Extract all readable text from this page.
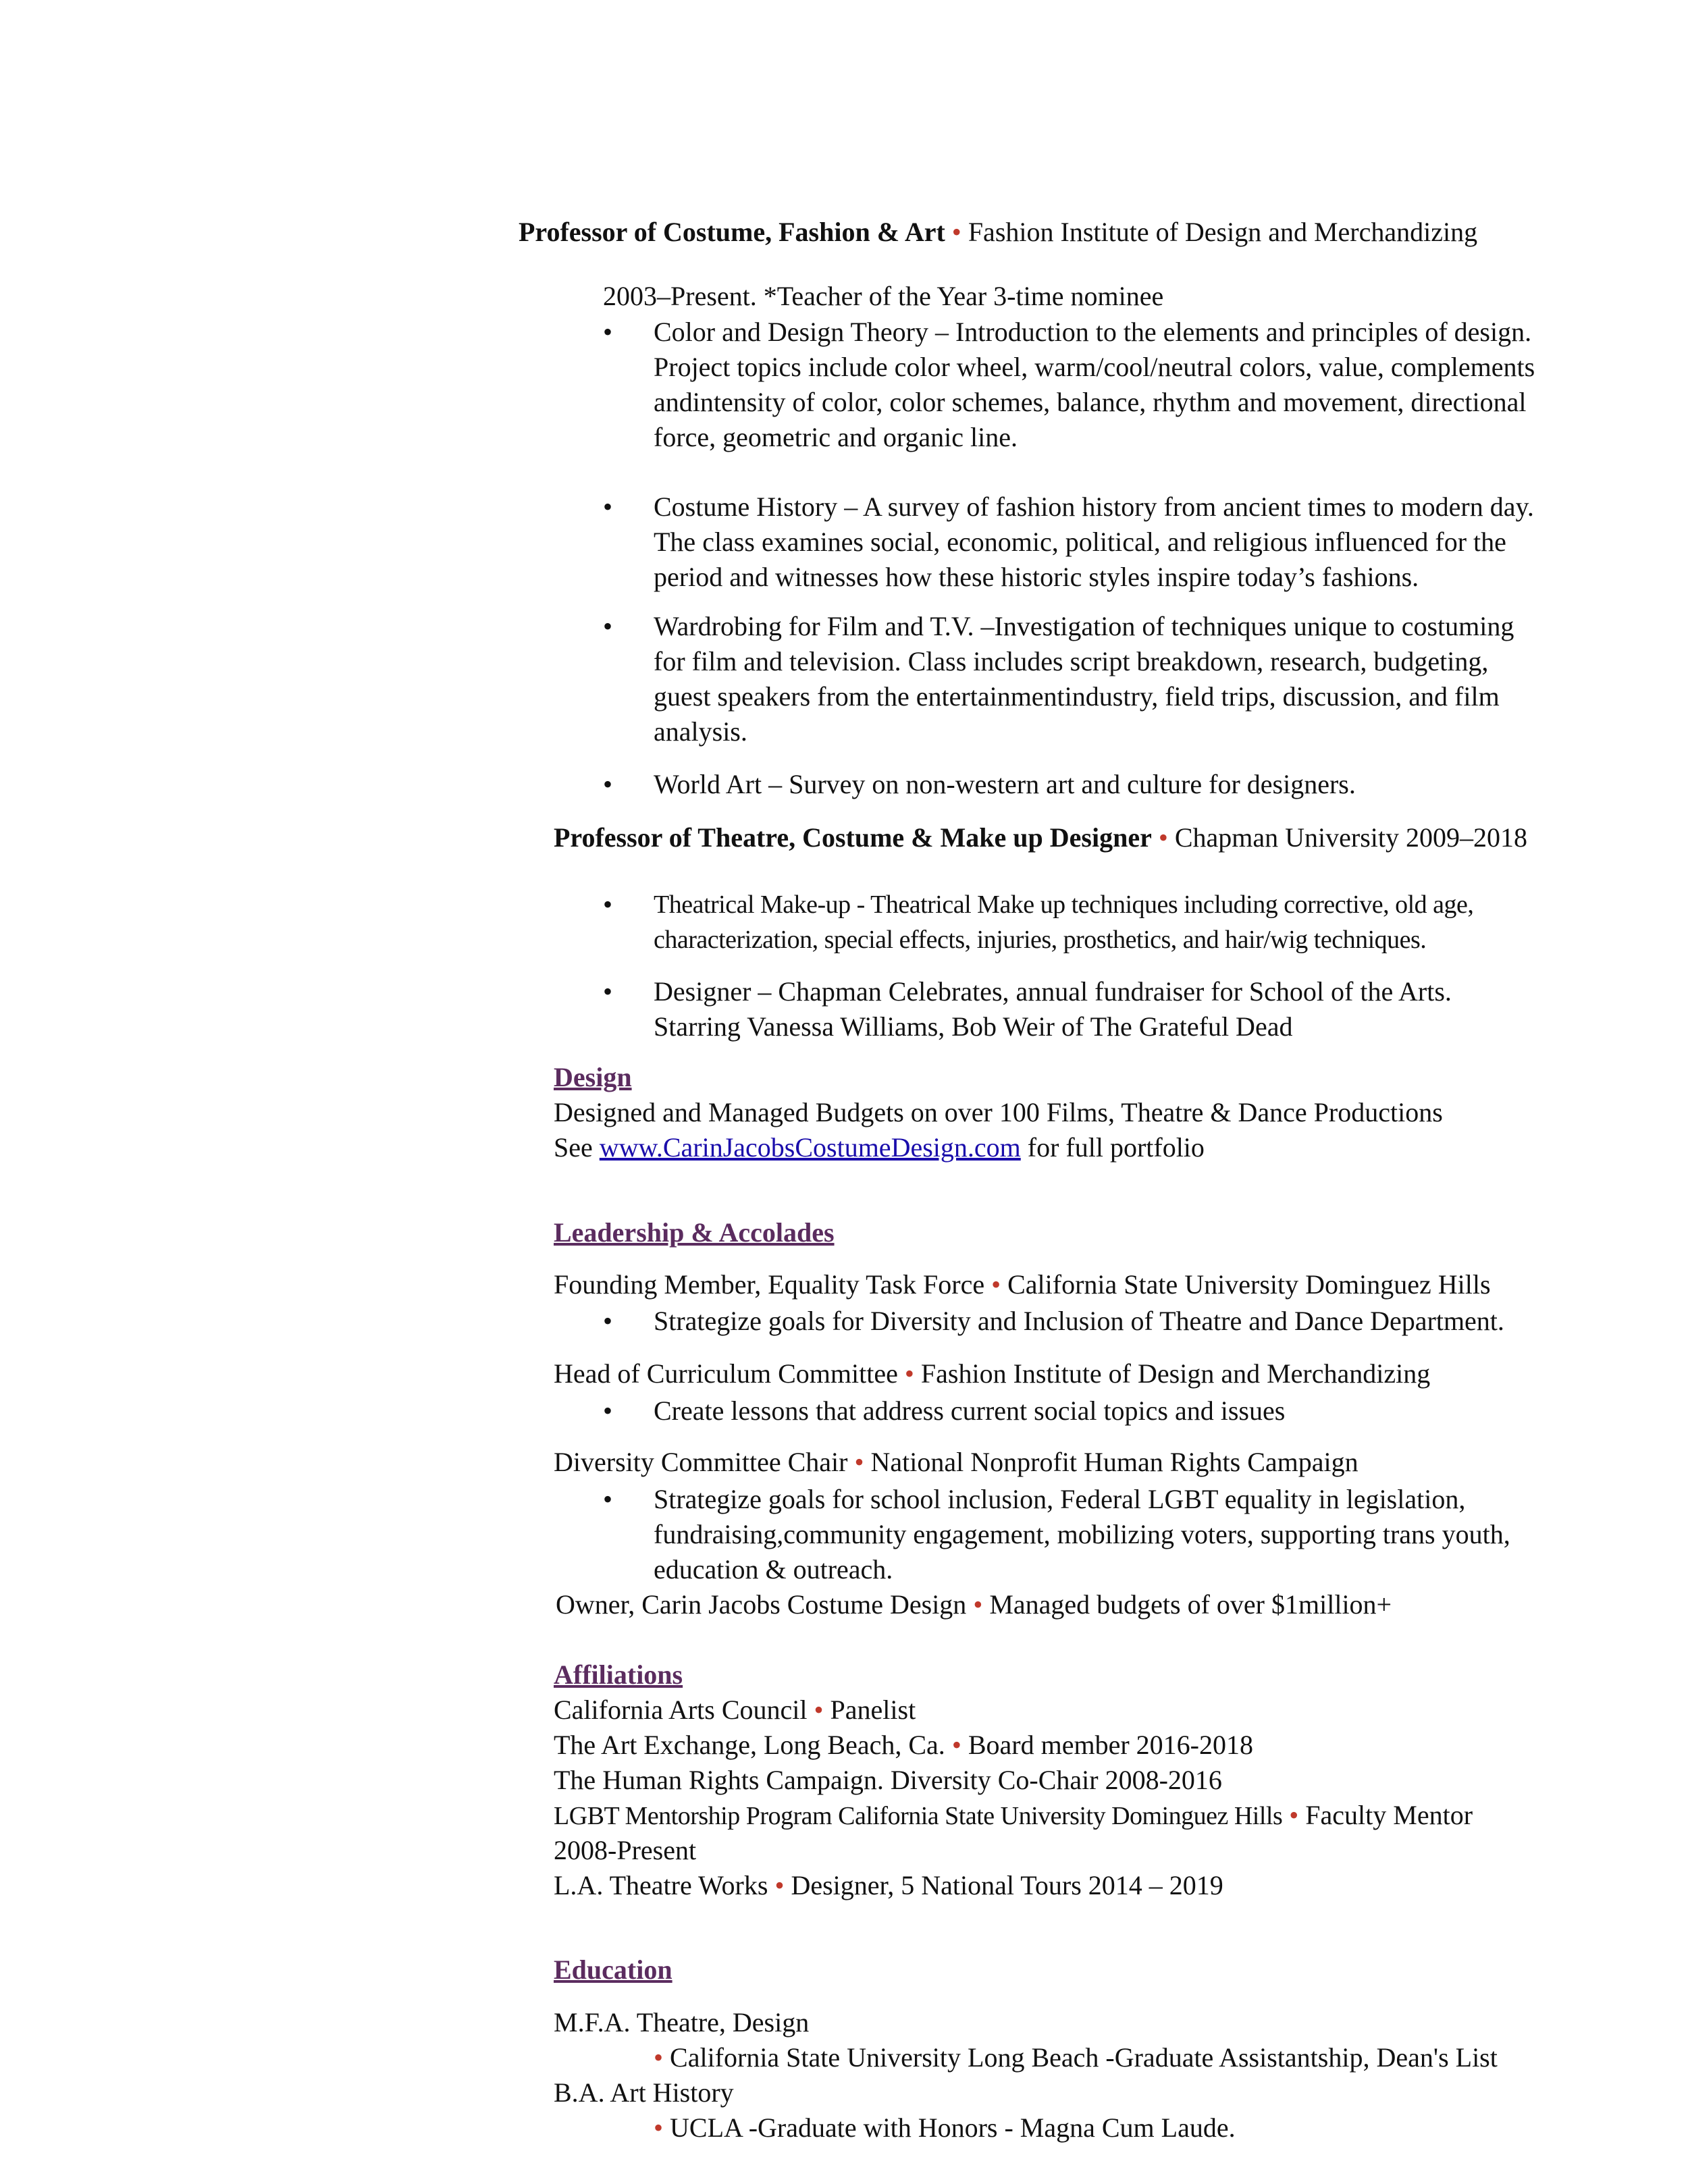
Professor of Costume, Fashion & Art • Fashion Institute of Design and Merchandizing
2003–Present. *Teacher of the Year 3-time nominee
• Color and Design Theory – Introduction to the elements and principles of design.
Project topics include color wheel, warm/cool/neutral colors, value, complements
andintensity of color, color schemes, balance, rhythm and movement, directional
force, geometric and organic line.
• Costume History – A survey of fashion history from ancient times to modern day.
The class examines social, economic, political, and religious influenced for the
period and witnesses how these historic styles inspire today’s fashions.
• Wardrobing for Film and T.V. –Investigation of techniques unique to costuming
for film and television. Class includes script breakdown, research, budgeting,
guest speakers from the entertainmentindustry, field trips, discussion, and film
analysis.
• World Art – Survey on non-western art and culture for designers.
Professor of Theatre, Costume & Make up Designer • Chapman University 2009–2018
• Theatrical Make-up - Theatrical Make up techniques including corrective, old age,
characterization, special effects, injuries, prosthetics, and hair/wig techniques.
• Designer – Chapman Celebrates, annual fundraiser for School of the Arts.
Starring Vanessa Williams, Bob Weir of The Grateful Dead
Design
Designed and Managed Budgets on over 100 Films, Theatre & Dance Productions
See www.CarinJacobsCostumeDesign.com for full portfolio
Leadership & Accolades
Founding Member, Equality Task Force • California State University Dominguez Hills
• Strategize goals for Diversity and Inclusion of Theatre and Dance Department.
Head of Curriculum Committee • Fashion Institute of Design and Merchandizing
• Create lessons that address current social topics and issues
Diversity Committee Chair • National Nonprofit Human Rights Campaign
• Strategize goals for school inclusion, Federal LGBT equality in legislation,
fundraising,community engagement, mobilizing voters, supporting trans youth,
education & outreach.
Owner, Carin Jacobs Costume Design • Managed budgets of over $1million+
Affiliations
California Arts Council • Panelist
The Art Exchange, Long Beach, Ca. • Board member 2016-2018
The Human Rights Campaign. Diversity Co-Chair 2008-2016
LGBT Mentorship Program California State University Dominguez Hills • Faculty Mentor
2008-Present
L.A. Theatre Works • Designer, 5 National Tours 2014 – 2019
Education
M.F.A. Theatre, Design
• California State University Long Beach -Graduate Assistantship, Dean's List
B.A. Art History
• UCLA -Graduate with Honors - Magna Cum Laude.
